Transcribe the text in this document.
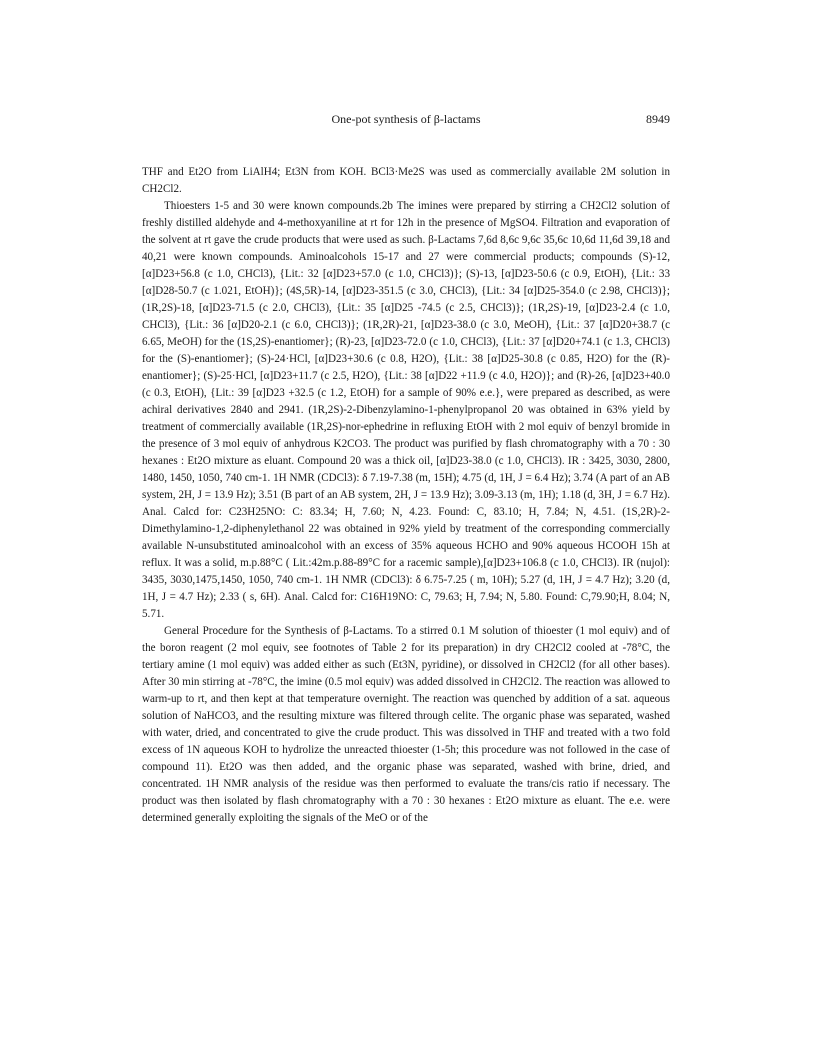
One-pot synthesis of β-lactams	8949

THF and Et2O from LiAlH4; Et3N from KOH. BCl3·Me2S was used as commercially available 2M solution in CH2Cl2.

Thioesters 1-5 and 30 were known compounds.2b The imines were prepared by stirring a CH2Cl2 solution of freshly distilled aldehyde and 4-methoxyaniline at rt for 12h in the presence of MgSO4. Filtration and evaporation of the solvent at rt gave the crude products that were used as such. β-Lactams 7,6d 8,6c 9,6c 35,6c 10,6d 11,6d 39,18 and 40,21 were known compounds. Aminoalcohols 15-17 and 27 were commercial products; compounds (S)-12, [α]D23+56.8 (c 1.0, CHCl3), {Lit.: 32 [α]D23+57.0 (c 1.0, CHCl3)}; (S)-13, [α]D23-50.6 (c 0.9, EtOH), {Lit.: 33 [α]D28-50.7 (c 1.021, EtOH)}; (4S,5R)-14, [α]D23-351.5 (c 3.0, CHCl3), {Lit.: 34 [α]D25-354.0 (c 2.98, CHCl3)}; (1R,2S)-18, [α]D23-71.5 (c 2.0, CHCl3), {Lit.: 35 [α]D25 -74.5 (c 2.5, CHCl3)}; (1R,2S)-19, [α]D23-2.4 (c 1.0, CHCl3), {Lit.: 36 [α]D20-2.1 (c 6.0, CHCl3)}; (1R,2R)-21, [α]D23-38.0 (c 3.0, MeOH), {Lit.: 37 [α]D20+38.7 (c 6.65, MeOH) for the (1S,2S)-enantiomer}; (R)-23, [α]D23-72.0 (c 1.0, CHCl3), {Lit.: 37 [α]D20+74.1 (c 1.3, CHCl3) for the (S)-enantiomer}; (S)-24·HCl, [α]D23+30.6 (c 0.8, H2O), {Lit.: 38 [α]D25-30.8 (c 0.85, H2O) for the (R)-enantiomer}; (S)-25·HCl, [α]D23+11.7 (c 2.5, H2O), {Lit.: 38 [α]D22 +11.9 (c 4.0, H2O)}; and (R)-26, [α]D23+40.0 (c 0.3, EtOH), {Lit.: 39 [α]D23 +32.5 (c 1.2, EtOH) for a sample of 90% e.e.}, were prepared as described, as were achiral derivatives 2840 and 2941. (1R,2S)-2-Dibenzylamino-1-phenylpropanol 20 was obtained in 63% yield by treatment of commercially available (1R,2S)-nor-ephedrine in refluxing EtOH with 2 mol equiv of benzyl bromide in the presence of 3 mol equiv of anhydrous K2CO3. The product was purified by flash chromatography with a 70 : 30 hexanes : Et2O mixture as eluant. Compound 20 was a thick oil, [α]D23-38.0 (c 1.0, CHCl3). IR : 3425, 3030, 2800, 1480, 1450, 1050, 740 cm-1. 1H NMR (CDCl3): δ 7.19-7.38 (m, 15H); 4.75 (d, 1H, J = 6.4 Hz); 3.74 (A part of an AB system, 2H, J = 13.9 Hz); 3.51 (B part of an AB system, 2H, J = 13.9 Hz); 3.09-3.13 (m, 1H); 1.18 (d, 3H, J = 6.7 Hz). Anal. Calcd for: C23H25NO: C: 83.34; H, 7.60; N, 4.23. Found: C, 83.10; H, 7.84; N, 4.51. (1S,2R)-2-Dimethylamino-1,2-diphenylethanol 22 was obtained in 92% yield by treatment of the corresponding commercially available N-unsubstituted aminoalcohol with an excess of 35% aqueous HCHO and 90% aqueous HCOOH 15h at reflux. It was a solid, m.p.88°C ( Lit.:42m.p.88-89°C for a racemic sample),[α]D23+106.8 (c 1.0, CHCl3). IR (nujol): 3435, 3030,1475,1450, 1050, 740 cm-1. 1H NMR (CDCl3): δ 6.75-7.25 ( m, 10H); 5.27 (d, 1H, J = 4.7 Hz); 3.20 (d, 1H, J = 4.7 Hz); 2.33 ( s, 6H). Anal. Calcd for: C16H19NO: C, 79.63; H, 7.94; N, 5.80. Found: C,79.90;H, 8.04; N, 5.71.

General Procedure for the Synthesis of β-Lactams. To a stirred 0.1 M solution of thioester (1 mol equiv) and of the boron reagent (2 mol equiv, see footnotes of Table 2 for its preparation) in dry CH2Cl2 cooled at -78°C, the tertiary amine (1 mol equiv) was added either as such (Et3N, pyridine), or dissolved in CH2Cl2 (for all other bases). After 30 min stirring at -78°C, the imine (0.5 mol equiv) was added dissolved in CH2Cl2. The reaction was allowed to warm-up to rt, and then kept at that temperature overnight. The reaction was quenched by addition of a sat. aqueous solution of NaHCO3, and the resulting mixture was filtered through celite. The organic phase was separated, washed with water, dried, and concentrated to give the crude product. This was dissolved in THF and treated with a two fold excess of 1N aqueous KOH to hydrolize the unreacted thioester (1-5h; this procedure was not followed in the case of compound 11). Et2O was then added, and the organic phase was separated, washed with brine, dried, and concentrated. 1H NMR analysis of the residue was then performed to evaluate the trans/cis ratio if necessary. The product was then isolated by flash chromatography with a 70 : 30 hexanes : Et2O mixture as eluant. The e.e. were determined generally exploiting the signals of the MeO or of the
